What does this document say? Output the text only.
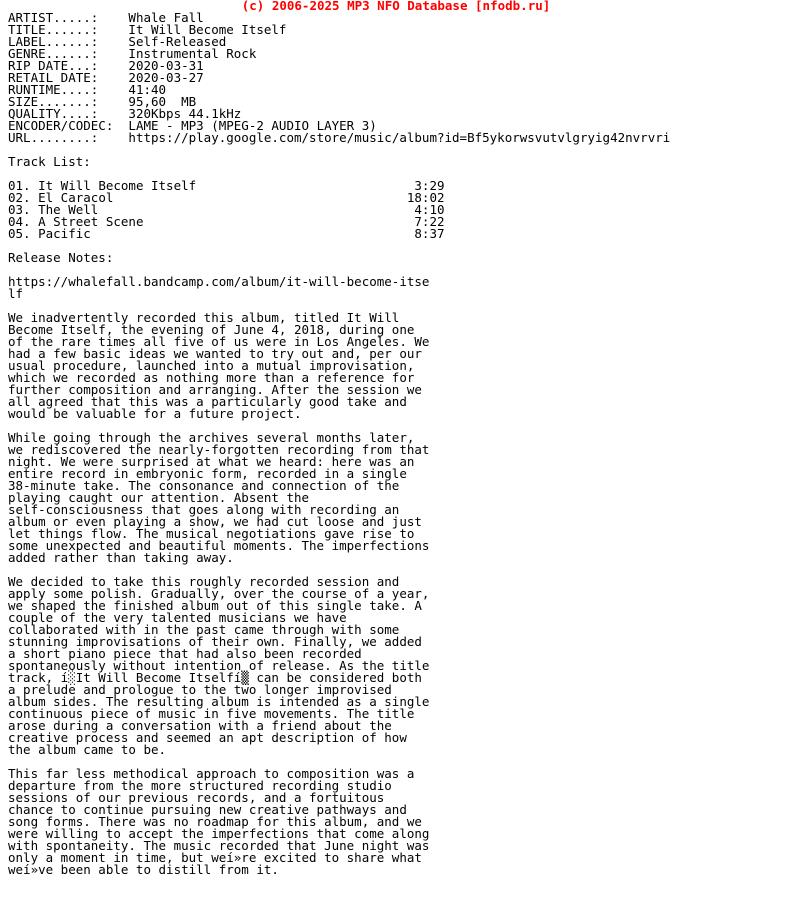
(c) 2006-2025 MP3 NFO Database [nfodb.ru]
ARTIST.....: Whale Fall
TITLE......: It Will Become Itself
LABEL......: Self-Released
GENRE......: Instrumental Rock
RIP DATE...: 2020-03-31
RETAIL DATE: 2020-03-27
RUNTIME....: 41:40
SIZE.......: 95,60  MB
QUALITY....: 320Kbps 44.1kHz
ENCODER/CODEC: LAME - MP3 (MPEG-2 AUDIO LAYER 3)
URL........: https://play.google.com/store/music/album?id=Bf5ykorwsvutvlgryig42nvrvri
Track List:
01. It Will Become Itself	3:29
02. El Caracol	18:02
03. The Well	4:10
04. A Street Scene	7:22
05. Pacific	8:37
Release Notes:
https://whalefall.bandcamp.com/album/it-will-become-itse
lf
We inadvertently recorded this album, titled It Will
Become Itself, the evening of June 4, 2018, during one
of the rare times all five of us were in Los Angeles. We
had a few basic ideas we wanted to try out and, per our
usual procedure, launched into a mutual improvisation,
which we recorded as nothing more than a reference for
further composition and arranging. After the session we
all agreed that this was a particularly good take and
would be valuable for a future project.
While going through the archives several months later,
we rediscovered the nearly-forgotten recording from that
night. We were surprised at what we heard: here was an
entire record in embryonic form, recorded in a single
38-minute take. The consonance and connection of the
playing caught our attention. Absent the
self-consciousness that goes along with recording an
album or even playing a show, we had cut loose and just
let things flow. The musical negotiations gave rise to
some unexpected and beautiful moments. The imperfections
added rather than taking away.
We decided to take this roughly recorded session and
apply some polish. Gradually, over the course of a year,
we shaped the finished album out of this single take. A
couple of the very talented musicians we have
collaborated with in the past came through with some
stunning improvisations of their own. Finally, we added
a short piano piece that had also been recorded
spontaneously without intention of release. As the title
track, í░It Will Become Itselfí▒ can be considered both
a prelude and prologue to the two longer improvised
album sides. The resulting album is intended as a single
continuous piece of music in five movements. The title
arose during a conversation with a friend about the
creative process and seemed an apt description of how
the album came to be.
This far less methodical approach to composition was a
departure from the more structured recording studio
sessions of our previous records, and a fortuitous
chance to continue pursuing new creative pathways and
song forms. There was no roadmap for this album, and we
were willing to accept the imperfections that come along
with spontaneity. The music recorded that June night was
only a moment in time, but weí»re excited to share what
weí»ve been able to distill from it.
